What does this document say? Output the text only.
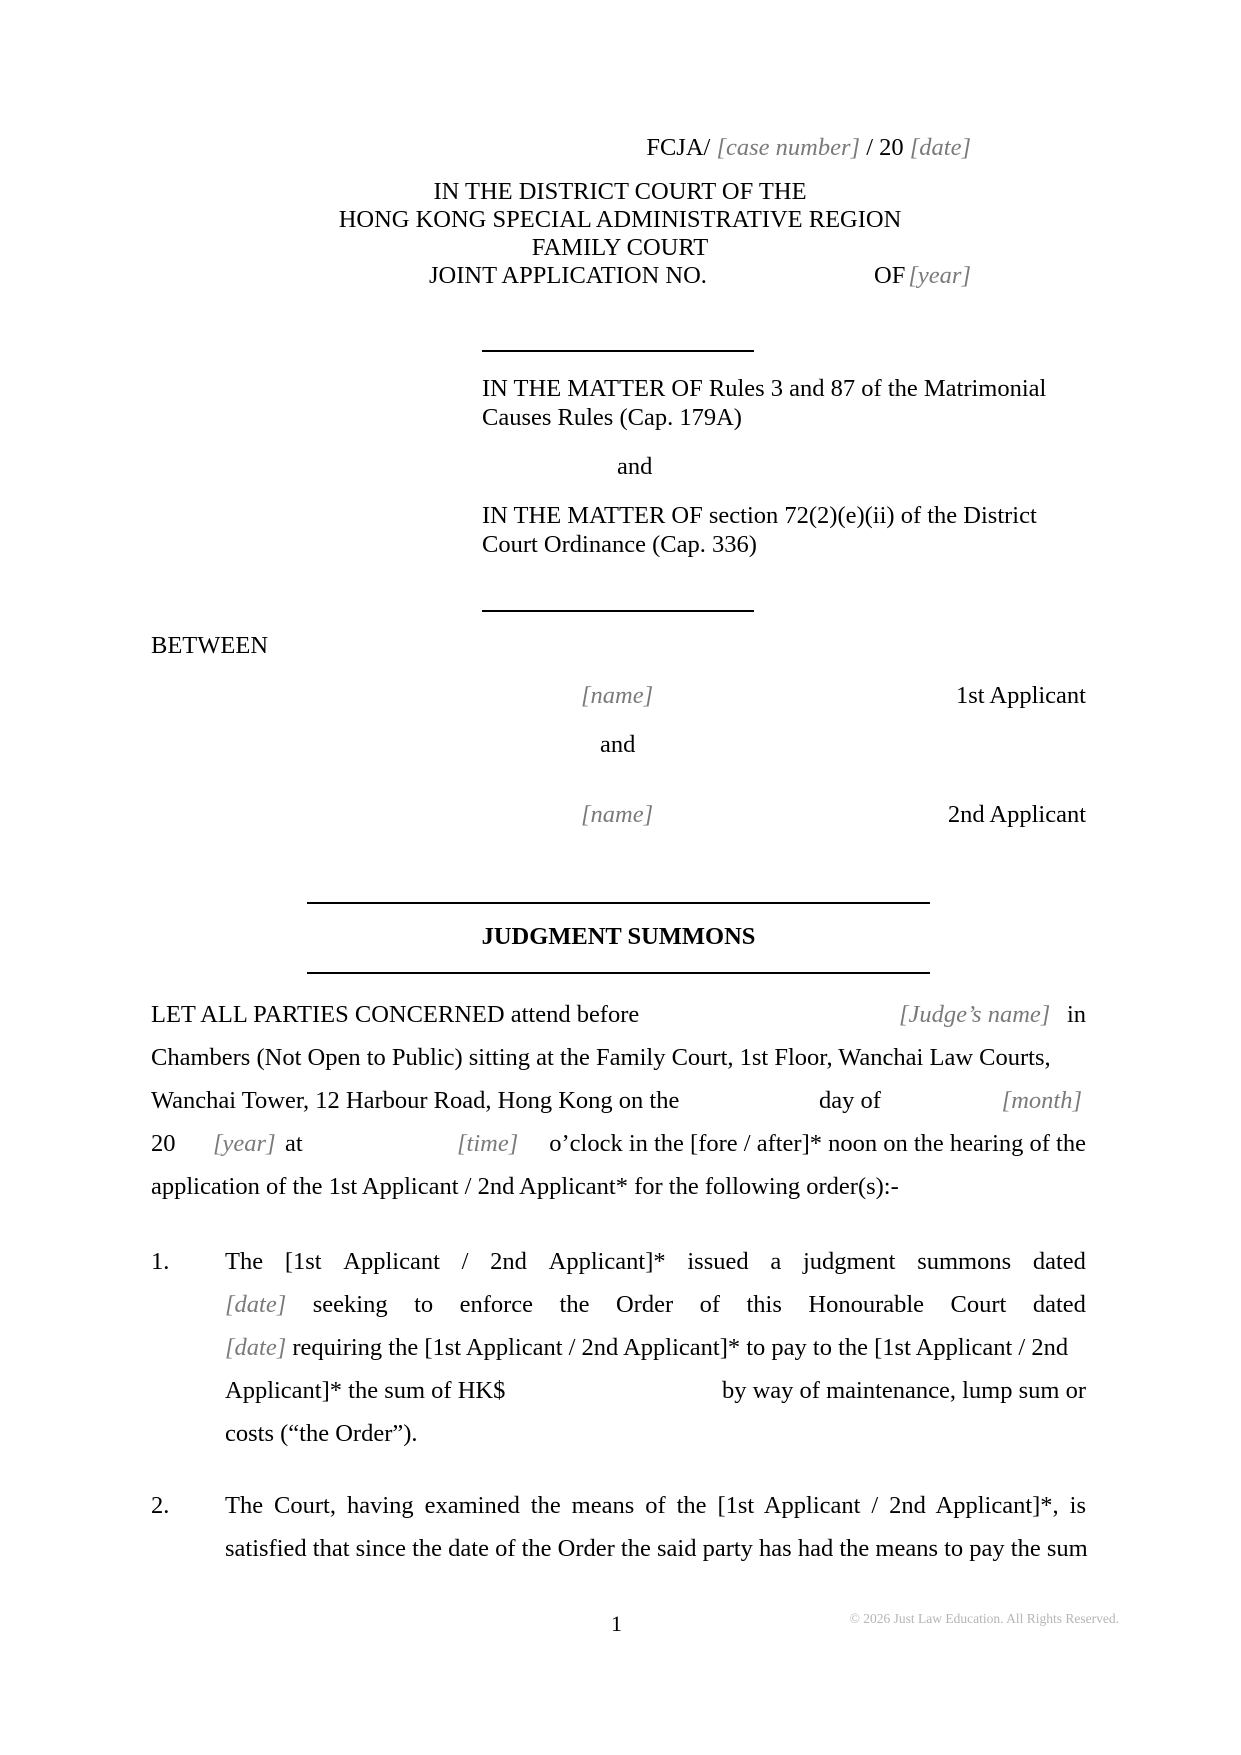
FCJA/ [case number] / 20 [date]
IN THE DISTRICT COURT OF THE
HONG KONG SPECIAL ADMINISTRATIVE REGION
FAMILY COURT
JOINT APPLICATION NO.	OF [year]
IN THE MATTER OF Rules 3 and 87 of the Matrimonial
Causes Rules (Cap. 179A)
and
IN THE MATTER OF section 72(2)(e)(ii) of the District
Court Ordinance (Cap. 336)
BETWEEN
[name]	1st Applicant
and
[name]	2nd Applicant
JUDGMENT SUMMONS
LET ALL PARTIES CONCERNED attend before	[Judge’s name] in
Chambers (Not Open to Public) sitting at the Family Court, 1st Floor, Wanchai Law Courts,
Wanchai Tower, 12 Harbour Road, Hong Kong on the	day of	[month]
20 [year] at	[time] o’clock in the [fore / after]* noon on the hearing of the
application of the 1st Applicant / 2nd Applicant* for the following order(s):-
1. The [1st Applicant / 2nd Applicant]* issued a judgment summons dated
[date] seeking to enforce the Order of this Honourable Court dated
[date] requiring the [1st Applicant / 2nd Applicant]* to pay to the [1st Applicant / 2nd
Applicant]* the sum of HK$	by way of maintenance, lump sum or
costs (“the Order”).
2. The Court, having examined the means of the [1st Applicant / 2nd Applicant]*, is
satisfied that since the date of the Order the said party has had the means to pay the sum
1	© 2026 Just Law Education. All Rights Reserved.
